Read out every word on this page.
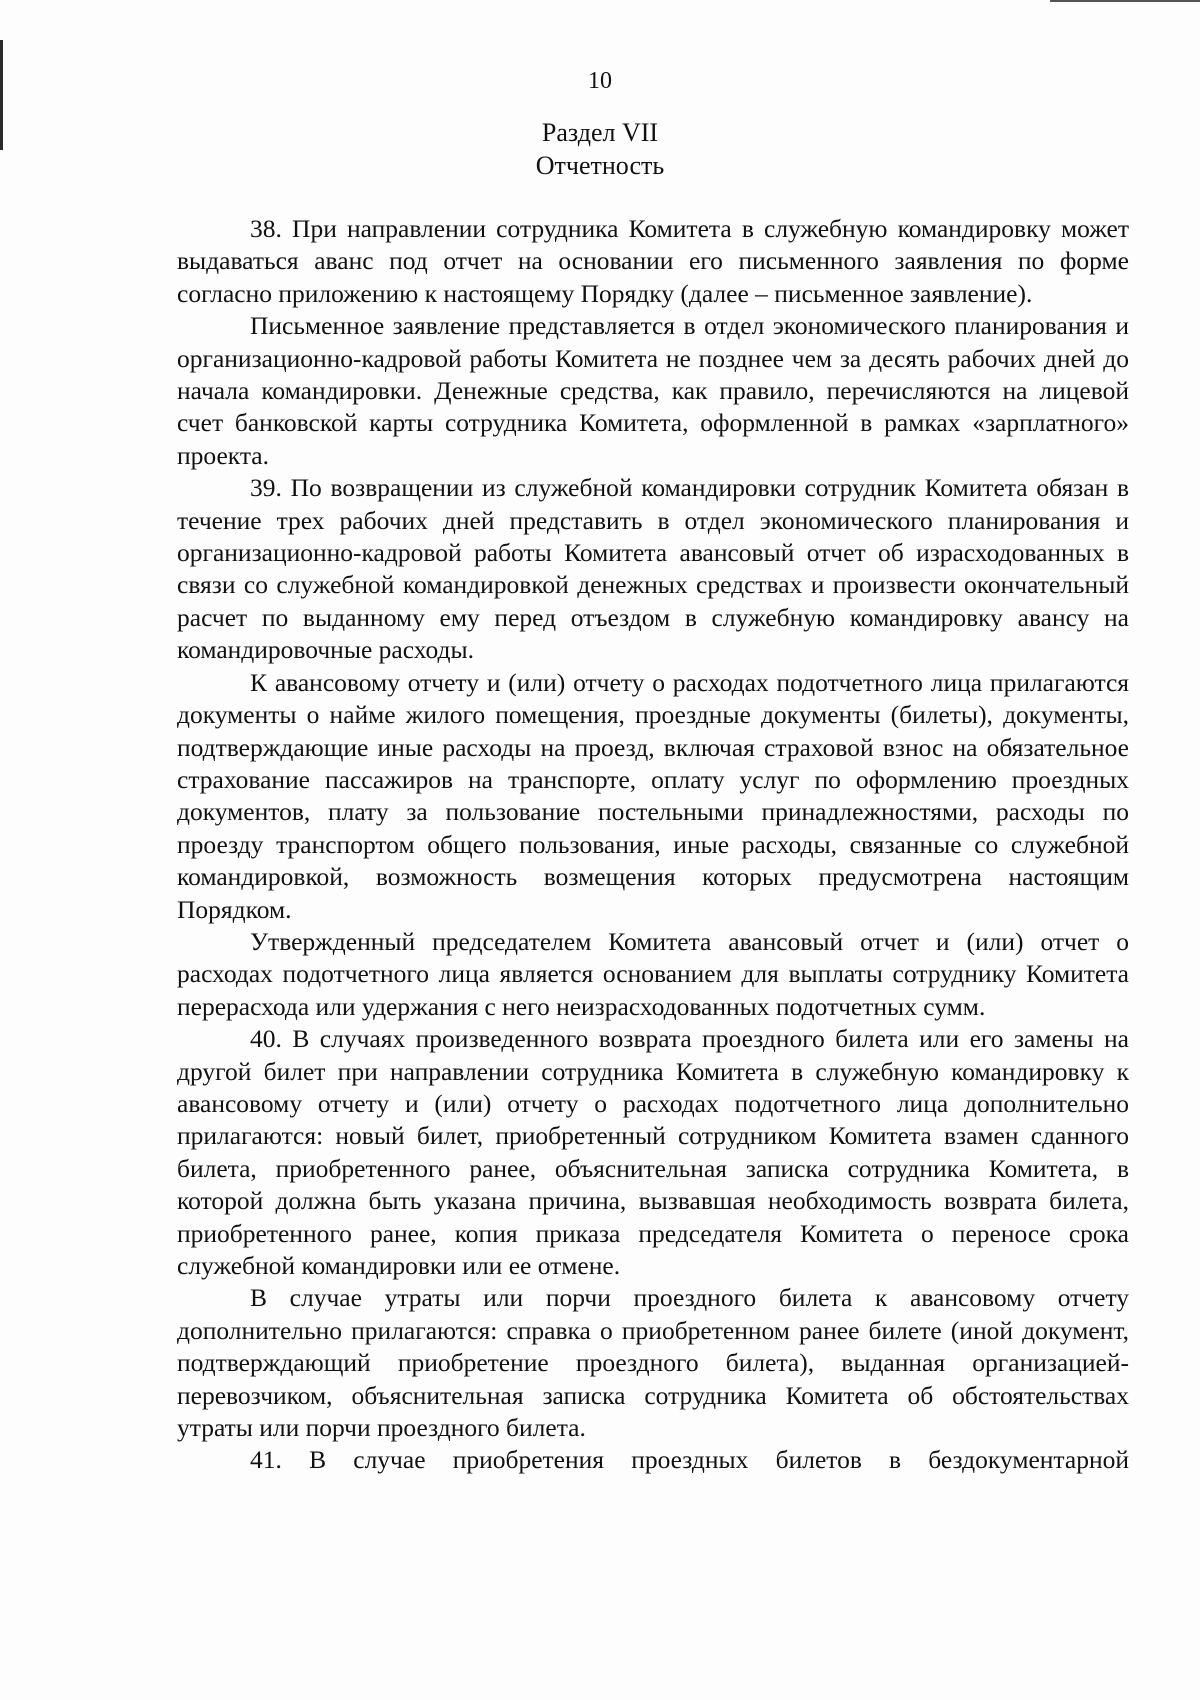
10
Раздел VII
Отчетность

38. При направлении сотрудника Комитета в служебную командировку может выдаваться аванс под отчет на основании его письменного заявления по форме согласно приложению к настоящему Порядку (далее – письменное заявление).

Письменное заявление представляется в отдел экономического планирования и организационно-кадровой работы Комитета не позднее чем за десять рабочих дней до начала командировки. Денежные средства, как правило, перечисляются на лицевой счет банковской карты сотрудника Комитета, оформленной в рамках «зарплатного» проекта.

39. По возвращении из служебной командировки сотрудник Комитета обязан в течение трех рабочих дней представить в отдел экономического планирования и организационно-кадровой работы Комитета авансовый отчет об израсходованных в связи со служебной командировкой денежных средствах и произвести окончательный расчет по выданному ему перед отъездом в служебную командировку авансу на командировочные расходы.

К авансовому отчету и (или) отчету о расходах подотчетного лица прилагаются документы о найме жилого помещения, проездные документы (билеты), документы, подтверждающие иные расходы на проезд, включая страховой взнос на обязательное страхование пассажиров на транспорте, оплату услуг по оформлению проездных документов, плату за пользование постельными принадлежностями, расходы по проезду транспортом общего пользования, иные расходы, связанные со служебной командировкой, возможность возмещения которых предусмотрена настоящим Порядком.

Утвержденный председателем Комитета авансовый отчет и (или) отчет о расходах подотчетного лица является основанием для выплаты сотруднику Комитета перерасхода или удержания с него неизрасходованных подотчетных сумм.

40. В случаях произведенного возврата проездного билета или его замены на другой билет при направлении сотрудника Комитета в служебную командировку к авансовому отчету и (или) отчету о расходах подотчетного лица дополнительно прилагаются: новый билет, приобретенный сотрудником Комитета взамен сданного билета, приобретенного ранее, объяснительная записка сотрудника Комитета, в которой должна быть указана причина, вызвавшая необходимость возврата билета, приобретенного ранее, копия приказа председателя Комитета о переносе срока служебной командировки или ее отмене.

В случае утраты или порчи проездного билета к авансовому отчету дополнительно прилагаются: справка о приобретенном ранее билете (иной документ, подтверждающий приобретение проездного билета), выданная организацией-перевозчиком, объяснительная записка сотрудника Комитета об обстоятельствах утраты или порчи проездного билета.

41. В случае приобретения проездных билетов в бездокументарной
